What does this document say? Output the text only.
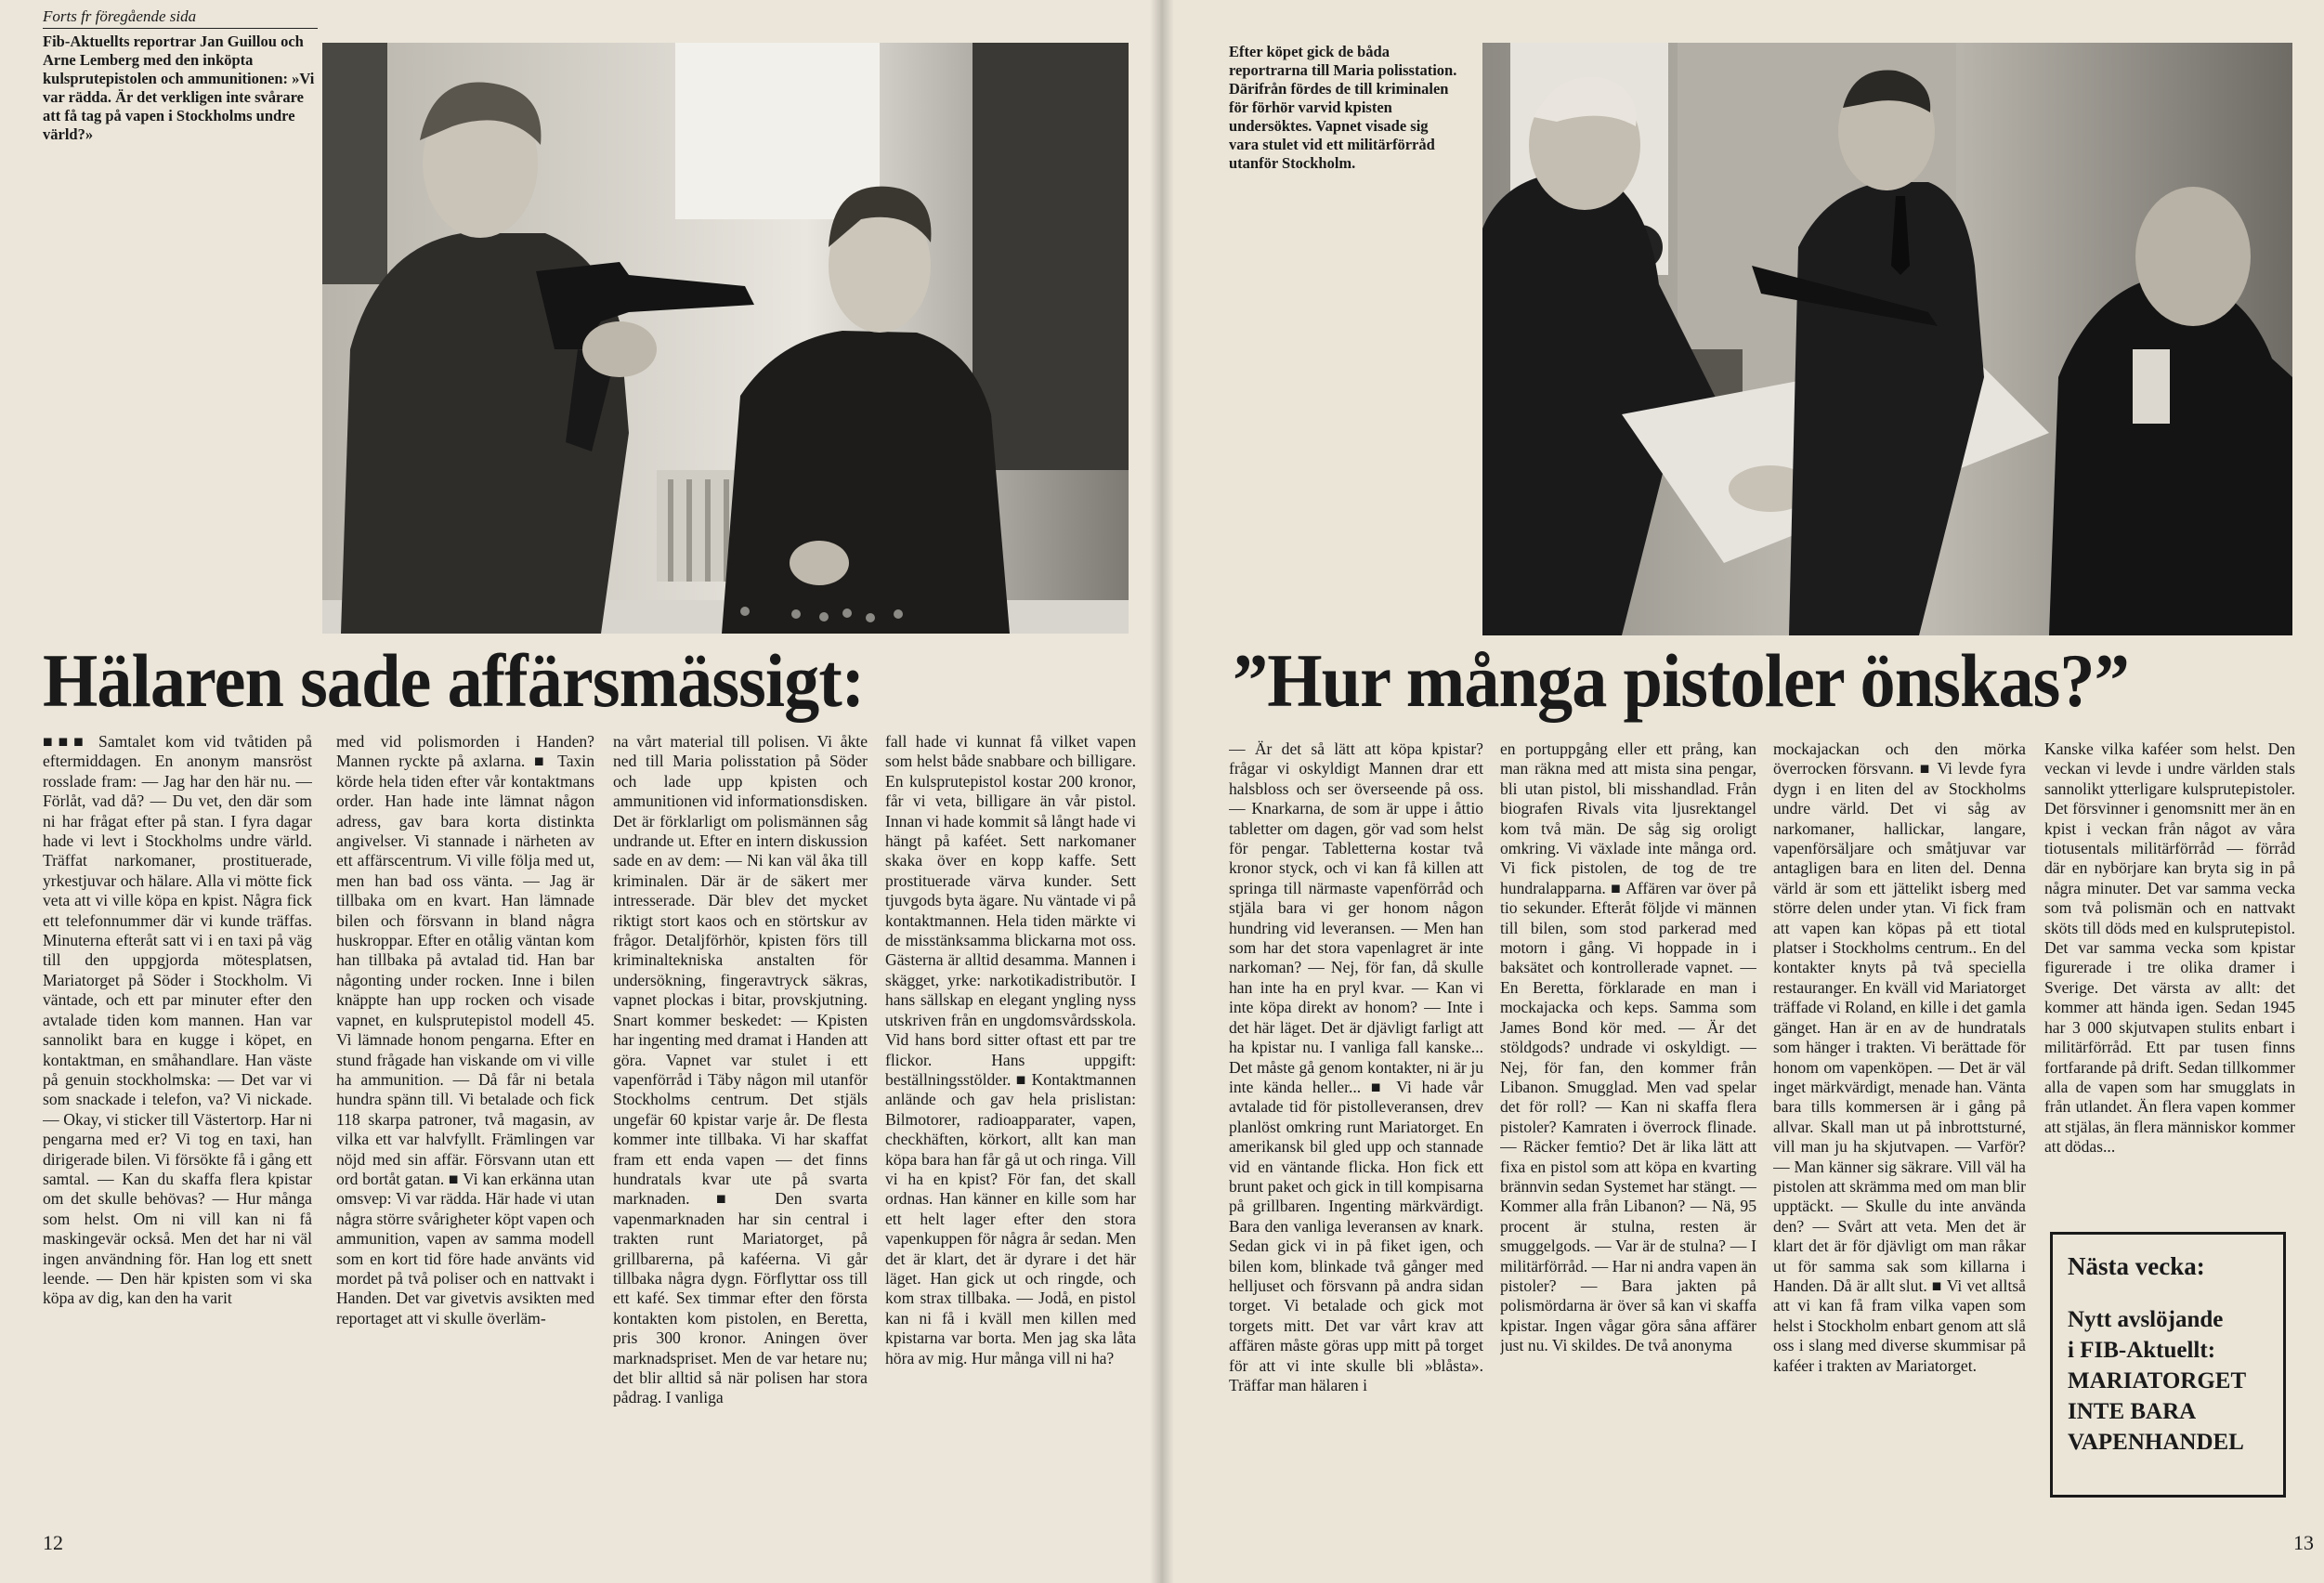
Forts fr föregående sida
Fib-Aktuellts reportrar Jan Guillou och Arne Lemberg med den inköpta kulsprutepistolen och ammunitionen: »Vi var rädda. Är det verkligen inte svårare att få tag på vapen i Stockholms undre värld?»
Hälaren sade affärsmässigt:
■■■ Samtalet kom vid tvåtiden på eftermiddagen. En anonym mansröst rosslade fram: — Jag har den här nu. — Förlåt, vad då? — Du vet, den där som ni har frågat efter på stan. I fyra dagar hade vi levt i Stockholms undre värld. Träffat narkomaner, prostituerade, yrkestjuvar och hälare. Alla vi mötte fick veta att vi ville köpa en kpist. Några fick ett telefonnummer där vi kunde träffas. Minuterna efteråt satt vi i en taxi på väg till den uppgjorda mötesplatsen, Mariatorget på Söder i Stockholm. Vi väntade, och ett par minuter efter den avtalade tiden kom mannen. Han var sannolikt bara en kugge i köpet, en kontaktman, en småhandlare. Han väste på genuin stockholmska: — Det var vi som snackade i telefon, va? Vi nickade. — Okay, vi sticker till Västertorp. Har ni pengarna med er? Vi tog en taxi, han dirigerade bilen. Vi försökte få i gång ett samtal. — Kan du skaffa flera kpistar om det skulle behövas? — Hur många som helst. Om ni vill kan ni få maskingevär också. Men det har ni väl ingen användning för. Han log ett snett leende. — Den här kpisten som vi ska köpa av dig, kan den ha varit
med vid polismorden i Handen? Mannen ryckte på axlarna. ■ Taxin körde hela tiden efter vår kontaktmans order. Han hade inte lämnat någon adress, gav bara korta distinkta angivelser. Vi stannade i närheten av ett affärscentrum. Vi ville följa med ut, men han bad oss vänta. — Jag är tillbaka om en kvart. Han lämnade bilen och försvann in bland några huskroppar. Efter en otålig väntan kom han tillbaka på avtalad tid. Han bar någonting under rocken. Inne i bilen knäppte han upp rocken och visade vapnet, en kulsprutepistol modell 45. Vi lämnade honom pengarna. Efter en stund frågade han viskande om vi ville ha ammunition. — Då får ni betala hundra spänn till. Vi betalade och fick 118 skarpa patroner, två magasin, av vilka ett var halvfyllt. Främlingen var nöjd med sin affär. Försvann utan ett ord bortåt gatan. ■ Vi kan erkänna utan omsvep: Vi var rädda. Här hade vi utan några större svårigheter köpt vapen och ammunition, vapen av samma modell som en kort tid före hade använts vid mordet på två poliser och en nattvakt i Handen. Det var givetvis avsikten med reportaget att vi skulle överläm-
na vårt material till polisen. Vi åkte ned till Maria polisstation på Söder och lade upp kpisten och ammunitionen vid informationsdisken. Det är förklarligt om polismännen såg undrande ut. Efter en intern diskussion sade en av dem: — Ni kan väl åka till kriminalen. Där är de säkert mer intresserade. Där blev det mycket riktigt stort kaos och en störtskur av frågor. Detaljförhör, kpisten förs till kriminaltekniska anstalten för undersökning, fingeravtryck säkras, vapnet plockas i bitar, provskjutning. Snart kommer beskedet: — Kpisten har ingenting med dramat i Handen att göra. Vapnet var stulet i ett vapenförråd i Täby någon mil utanför Stockholms centrum. Det stjäls ungefär 60 kpistar varje år. De flesta kommer inte tillbaka. Vi har skaffat fram ett enda vapen — det finns hundratals kvar ute på svarta marknaden. ■ Den svarta vapenmarknaden har sin central i trakten runt Mariatorget, på grillbarerna, på kaféerna. Vi går tillbaka några dygn. Förflyttar oss till ett kafé. Sex timmar efter den första kontakten kom pistolen, en Beretta, pris 300 kronor. Aningen över marknadspriset. Men de var hetare nu; det blir alltid så när polisen har stora pådrag. I vanliga
fall hade vi kunnat få vilket vapen som helst både snabbare och billigare. En kulsprutepistol kostar 200 kronor, får vi veta, billigare än vår pistol. Innan vi hade kommit så långt hade vi hängt på kaféet. Sett narkomaner skaka över en kopp kaffe. Sett prostituerade värva kunder. Sett tjuvgods byta ägare. Nu väntade vi på kontaktmannen. Hela tiden märkte vi de misstänksamma blickarna mot oss. Gästerna är alltid desamma. Mannen i skägget, yrke: narkotikadistributör. I hans sällskap en elegant yngling nyss utskriven från en ungdomsvårdsskola. Vid hans bord sitter oftast ett par tre flickor. Hans uppgift: beställningsstölder. ■ Kontaktmannen anlände och gav hela prislistan: Bilmotorer, radioapparater, vapen, checkhäften, körkort, allt kan man köpa bara han får gå ut och ringa. Vill vi ha en kpist? För fan, det skall ordnas. Han känner en kille som har ett helt lager efter den stora vapenkuppen för några år sedan. Men det är klart, det är dyrare i det här läget. Han gick ut och ringde, och kom strax tillbaka. — Jodå, en pistol kan ni få i kväll men killen med kpistarna var borta. Men jag ska låta höra av mig. Hur många vill ni ha?
12
Efter köpet gick de båda reportrarna till Maria polisstation. Därifrån fördes de till kriminalen för förhör varvid kpisten undersöktes. Vapnet visade sig vara stulet vid ett militärförråd utanför Stockholm.
”Hur många pistoler önskas?”
— Är det så lätt att köpa kpistar? frågar vi oskyldigt Mannen drar ett halsbloss och ser överseende på oss. — Knarkarna, de som är uppe i åttio tabletter om dagen, gör vad som helst för pengar. Tabletterna kostar två kronor styck, och vi kan få killen att springa till närmaste vapenförråd och stjäla bara vi ger honom någon hundring vid leveransen. — Men han som har det stora vapenlagret är inte narkoman? — Nej, för fan, då skulle han inte ha en pryl kvar. — Kan vi inte köpa direkt av honom? — Inte i det här läget. Det är djävligt farligt att ha kpistar nu. I vanliga fall kanske... Det måste gå genom kontakter, ni är ju inte kända heller... ■ Vi hade vår avtalade tid för pistolleveransen, drev planlöst omkring runt Mariatorget. En amerikansk bil gled upp och stannade vid en väntande flicka. Hon fick ett brunt paket och gick in till kompisarna på grillbaren. Ingenting märkvärdigt. Bara den vanliga leveransen av knark. Sedan gick vi in på fiket igen, och bilen kom, blinkade två gånger med helljuset och försvann på andra sidan torget. Vi betalade och gick mot torgets mitt. Det var vårt krav att affären måste göras upp mitt på torget för att vi inte skulle bli »blåsta». Träffar man hälaren i
en portuppgång eller ett prång, kan man räkna med att mista sina pengar, bli utan pistol, bli misshandlad. Från biografen Rivals vita ljusrektangel kom två män. De såg sig oroligt omkring. Vi växlade inte många ord. Vi fick pistolen, de tog de tre hundralapparna. ■ Affären var över på tio sekunder. Efteråt följde vi männen till bilen, som stod parkerad med motorn i gång. Vi hoppade in i baksätet och kontrollerade vapnet. — En Beretta, förklarade en man i mockajacka och keps. Samma som James Bond kör med. — Är det stöldgods? undrade vi oskyldigt. — Nej, för fan, den kommer från Libanon. Smugglad. Men vad spelar det för roll? — Kan ni skaffa flera pistoler? Kamraten i överrock flinade. — Räcker femtio? Det är lika lätt att fixa en pistol som att köpa en kvarting brännvin sedan Systemet har stängt. — Kommer alla från Libanon? — Nä, 95 procent är stulna, resten är smuggelgods. — Var är de stulna? — I militärförråd. — Har ni andra vapen än pistoler? — Bara jakten på polismördarna är över så kan vi skaffa kpistar. Ingen vågar göra såna affärer just nu. Vi skildes. De två anonyma
mockajackan och den mörka överrocken försvann. ■ Vi levde fyra dygn i en liten del av Stockholms undre värld. Det vi såg av narkomaner, hallickar, langare, vapenförsäljare och småtjuvar var antagligen bara en liten del. Denna värld är som ett jättelikt isberg med större delen under ytan. Vi fick fram att vapen kan köpas på ett tiotal platser i Stockholms centrum.. En del kontakter knyts på två speciella restauranger. En kväll vid Mariatorget träffade vi Roland, en kille i det gamla gänget. Han är en av de hundratals som hänger i trakten. Vi berättade för honom om vapenköpen. — Det är väl inget märkvärdigt, menade han. Vänta bara tills kommersen är i gång på allvar. Skall man ut på inbrottsturné, vill man ju ha skjutvapen. — Varför? — Man känner sig säkrare. Vill väl ha pistolen att skrämma med om man blir upptäckt. — Skulle du inte använda den? — Svårt att veta. Men det är klart det är för djävligt om man råkar ut för samma sak som killarna i Handen. Då är allt slut. ■ Vi vet alltså att vi kan få fram vilka vapen som helst i Stockholm enbart genom att slå oss i slang med diverse skummisar på kaféer i trakten av Mariatorget.
Kanske vilka kaféer som helst. Den veckan vi levde i undre världen stals sannolikt ytterligare kulsprutepistoler. Det försvinner i genomsnitt mer än en kpist i veckan från något av våra tiotusentals militärförråd — förråd där en nybörjare kan bryta sig in på några minuter. Det var samma vecka som två polismän och en nattvakt sköts till döds med en kulsprutepistol. Det var samma vecka som kpistar figurerade i tre olika dramer i Sverige. Det värsta av allt: det kommer att hända igen. Sedan 1945 har 3 000 skjutvapen stulits enbart i militärförråd. Ett par tusen finns fortfarande på drift. Sedan tillkommer alla de vapen som har smugglats in från utlandet. Än flera vapen kommer att stjälas, än flera människor kommer att dödas...
13
Nästa vecka:
Nytt avslöjande
i FIB-Aktuellt:
MARIATORGET
INTE BARA
VAPENHANDEL
